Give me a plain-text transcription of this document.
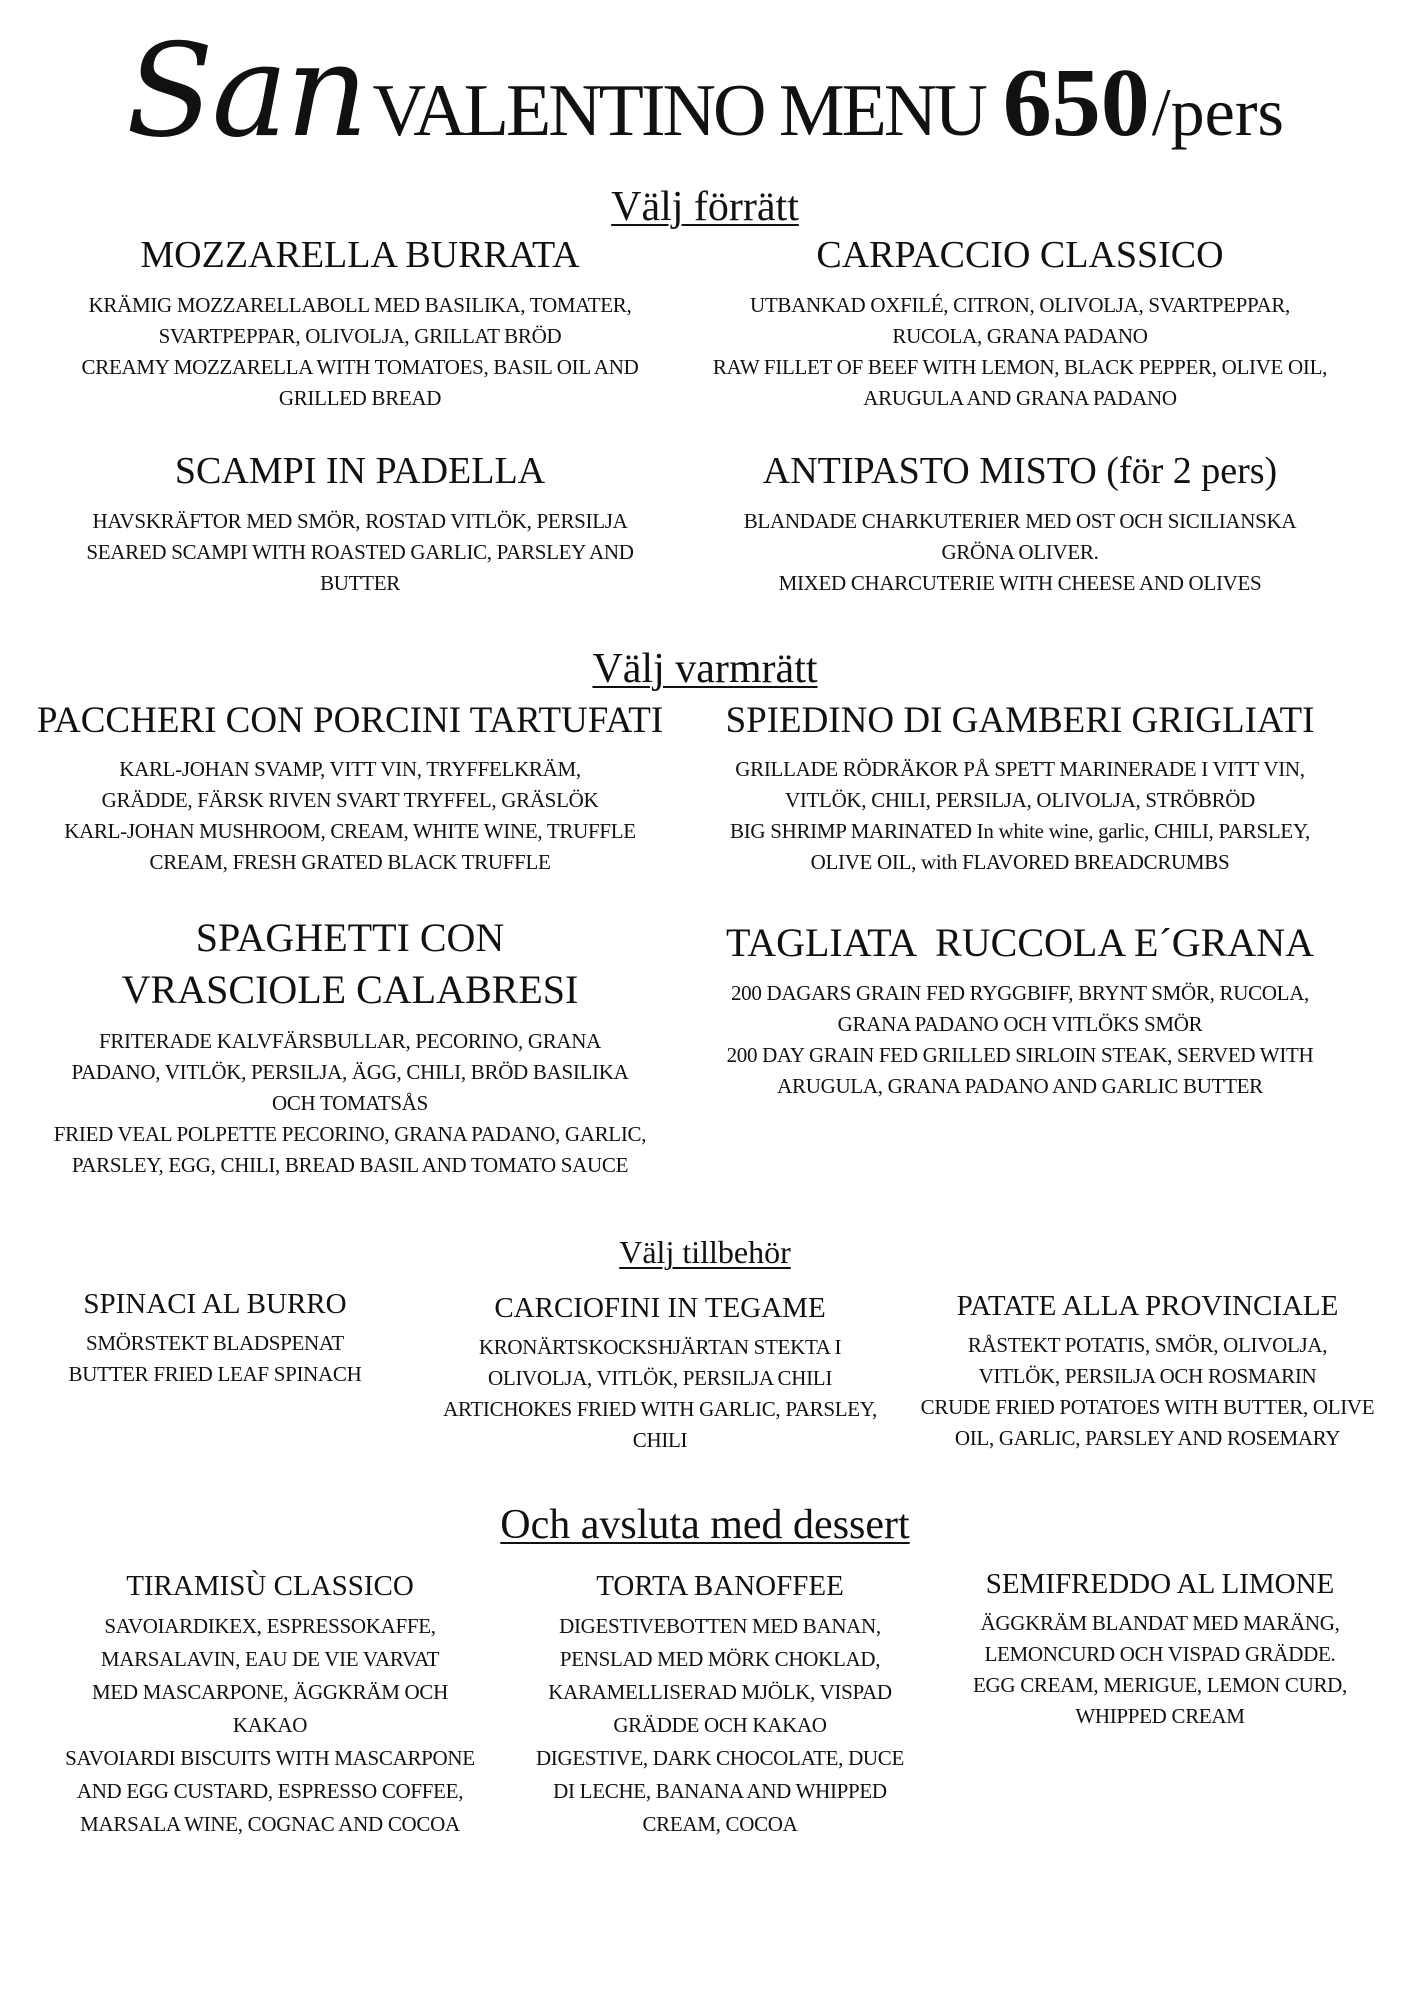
SanVALENTINO MENU 650/pers
Välj förrätt
MOZZARELLA BURRATA
KRÄMIG MOZZARELLABOLL MED BASILIKA, TOMATER, SVARTPEPPAR, OLIVOLJA, GRILLAT BRÖD
CREAMY MOZZARELLA WITH TOMATOES, BASIL OIL AND GRILLED BREAD
CARPACCIO CLASSICO
UTBANKAD OXFILÉ, CITRON, OLIVOLJA, SVARTPEPPAR, RUCOLA, GRANA PADANO
RAW FILLET OF BEEF WITH LEMON, BLACK PEPPER, OLIVE OIL, ARUGULA AND GRANA PADANO
SCAMPI IN PADELLA
HAVSKRÄFTOR MED SMÖR, ROSTAD VITLÖK, PERSILJA
SEARED SCAMPI WITH ROASTED GARLIC, PARSLEY AND BUTTER
ANTIPASTO MISTO (för 2 pers)
BLANDADE CHARKUTERIER MED OST OCH SICILIANSKA GRÖNA OLIVER.
MIXED CHARCUTERIE WITH CHEESE AND OLIVES
Välj varmrätt
PACCHERI CON PORCINI TARTUFATI
KARL-JOHAN SVAMP, VITT VIN, TRYFFELKRÄM, GRÄDDE, FÄRSK RIVEN SVART TRYFFEL, GRÄSLÖK
KARL-JOHAN MUSHROOM, CREAM, WHITE WINE, TRUFFLE CREAM, FRESH GRATED BLACK TRUFFLE
SPIEDINO DI GAMBERI GRIGLIATI
GRILLADE RÖDRÄKOR PÅ SPETT MARINERADE I VITT VIN, VITLÖK, CHILI, PERSILJA, OLIVOLJA, STRÖBRÖD
BIG SHRIMP MARINATED In white wine, garlic, CHILI, PARSLEY, OLIVE OIL, with FLAVORED BREADCRUMBS
SPAGHETTI CON VRASCIOLE CALABRESI
FRITERADE KALVFÄRSBULLAR, PECORINO, GRANA PADANO, VITLÖK, PERSILJA, ÄGG, CHILI, BRÖD BASILIKA OCH TOMATSÅS
FRIED VEAL POLPETTE PECORINO, GRANA PADANO, GARLIC, PARSLEY, EGG, CHILI, BREAD BASIL AND TOMATO SAUCE
TAGLIATA  RUCCOLA E´GRANA
200 DAGARS GRAIN FED RYGGBIFF, BRYNT SMÖR, RUCOLA, GRANA PADANO OCH VITLÖKS SMÖR
200 DAY GRAIN FED GRILLED SIRLOIN STEAK, SERVED WITH ARUGULA, GRANA PADANO AND GARLIC BUTTER
Välj tillbehör
SPINACI AL BURRO
SMÖRSTEKT BLADSPENAT
BUTTER FRIED LEAF SPINACH
CARCIOFINI IN TEGAME
KRONÄRTSKOCKSHJÄRTAN STEKTA I OLIVOLJA, VITLÖK, PERSILJA CHILI
ARTICHOKES FRIED WITH GARLIC, PARSLEY, CHILI
PATATE ALLA PROVINCIALE
RÅSTEKT POTATIS, SMÖR, OLIVOLJA, VITLÖK, PERSILJA OCH ROSMARIN
CRUDE FRIED POTATOES WITH BUTTER, OLIVE OIL, GARLIC, PARSLEY AND ROSEMARY
Och avsluta med dessert
TIRAMISÙ CLASSICO
SAVOIARDIKEX, ESPRESSOKAFFE, MARSALAVIN, EAU DE VIE VARVAT MED MASCARPONE, ÄGGKRÄM OCH KAKAO
SAVOIARDI BISCUITS WITH MASCARPONE AND EGG CUSTARD, ESPRESSO COFFEE, MARSALA WINE, COGNAC AND COCOA
TORTA BANOFFEE
DIGESTIVEBOTTEN MED BANAN, PENSLAD MED MÖRK CHOKLAD, KARAMELLISERAD MJÖLK, VISPAD GRÄDDE OCH KAKAO
DIGESTIVE, DARK CHOCOLATE, DUCE DI LECHE, BANANA AND WHIPPED CREAM, COCOA
SEMIFREDDO AL LIMONE
ÄGGKRÄM BLANDAT MED MARÄNG, LEMONCURD OCH VISPAD GRÄDDE.
EGG CREAM, MERIGUE, LEMON CURD, WHIPPED CREAM
